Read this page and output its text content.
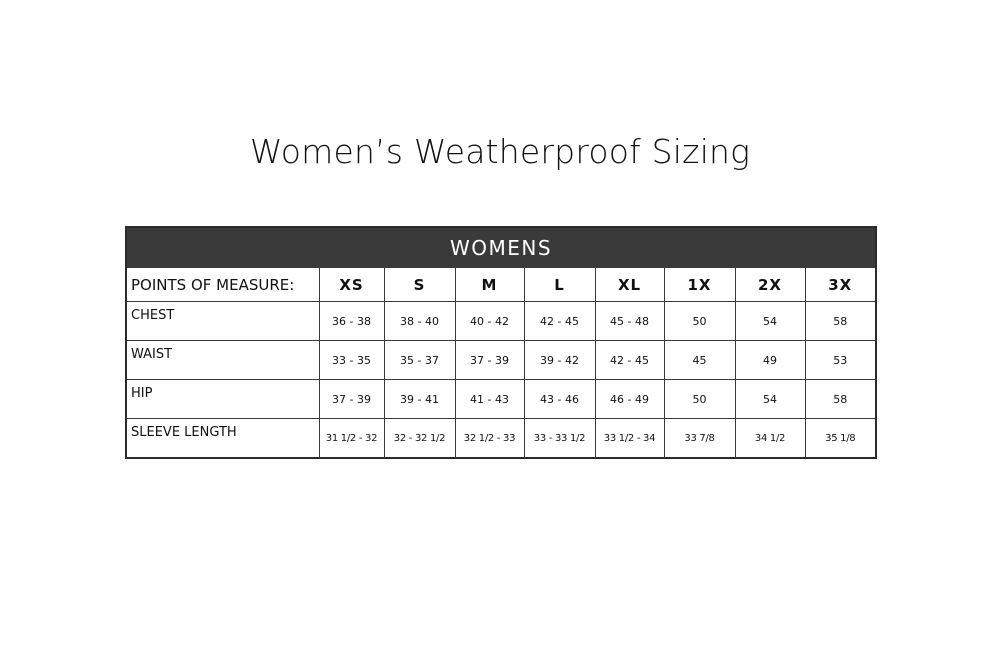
Women’s Weatherproof Sizing
WOMENS								
POINTS OF MEASURE:	XS	S	M	L	XL	1X	2X	3X
CHEST	36 - 38	38 - 40	40 - 42	42 - 45	45 - 48	50	54	58
WAIST	33 - 35	35 - 37	37 - 39	39 - 42	42 - 45	45	49	53
HIP	37 - 39	39 - 41	41 - 43	43 - 46	46 - 49	50	54	58
SLEEVE LENGTH	31 1/2 - 32	32 - 32 1/2	32 1/2 - 33	33 - 33 1/2	33 1/2 - 34	33 7/8	34 1/2	35 1/8
